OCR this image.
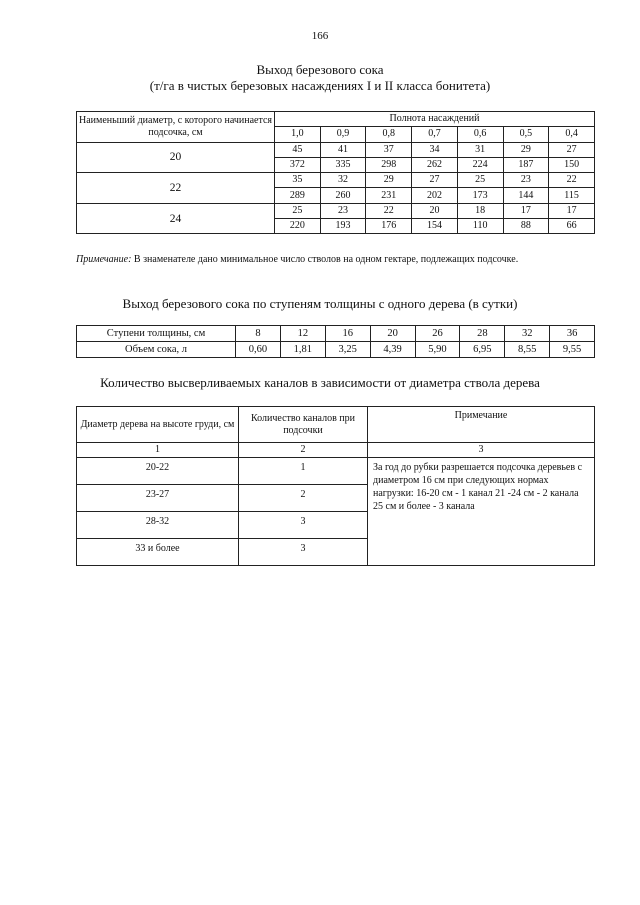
166
Выход березового сока
(т/га в чистых березовых насаждениях I и II класса бонитета)
Наименьший диаметр, с которого начинается подсочка, см	Полнота насаждений						
	1,0	0,9	0,8	0,7	0,6	0,5	0,4
20	45	41	37	34	31	29	27
	372	335	298	262	224	187	150
22	35	32	29	27	25	23	22
	289	260	231	202	173	144	115
24	25	23	22	20	18	17	17
	220	193	176	154	110	88	66
Примечание: В знаменателе дано минимальное число стволов на одном гектаре, подлежащих подсочке.
Выход березового сока по ступеням толщины с одного дерева (в сутки)
Ступени толщины, см	8	12	16	20	26	28	32	36
Объем сока, л	0,60	1,81	3,25	4,39	5,90	6,95	8,55	9,55
Количество высверливаемых каналов в зависимости от диаметра ствола дерева
Диаметр дерева на высоте груди, см	Количество каналов при подсочки	Примечание
1	2	3
20-22	1	За год до рубки разрешается подсочка деревьев с диаметром 16 см при следующих нормах нагрузки: 16-20 см - 1 канал 21 -24 см - 2 канала 25 см и более - 3 канала
23-27	2	
28-32	3	
33 и более	3	
